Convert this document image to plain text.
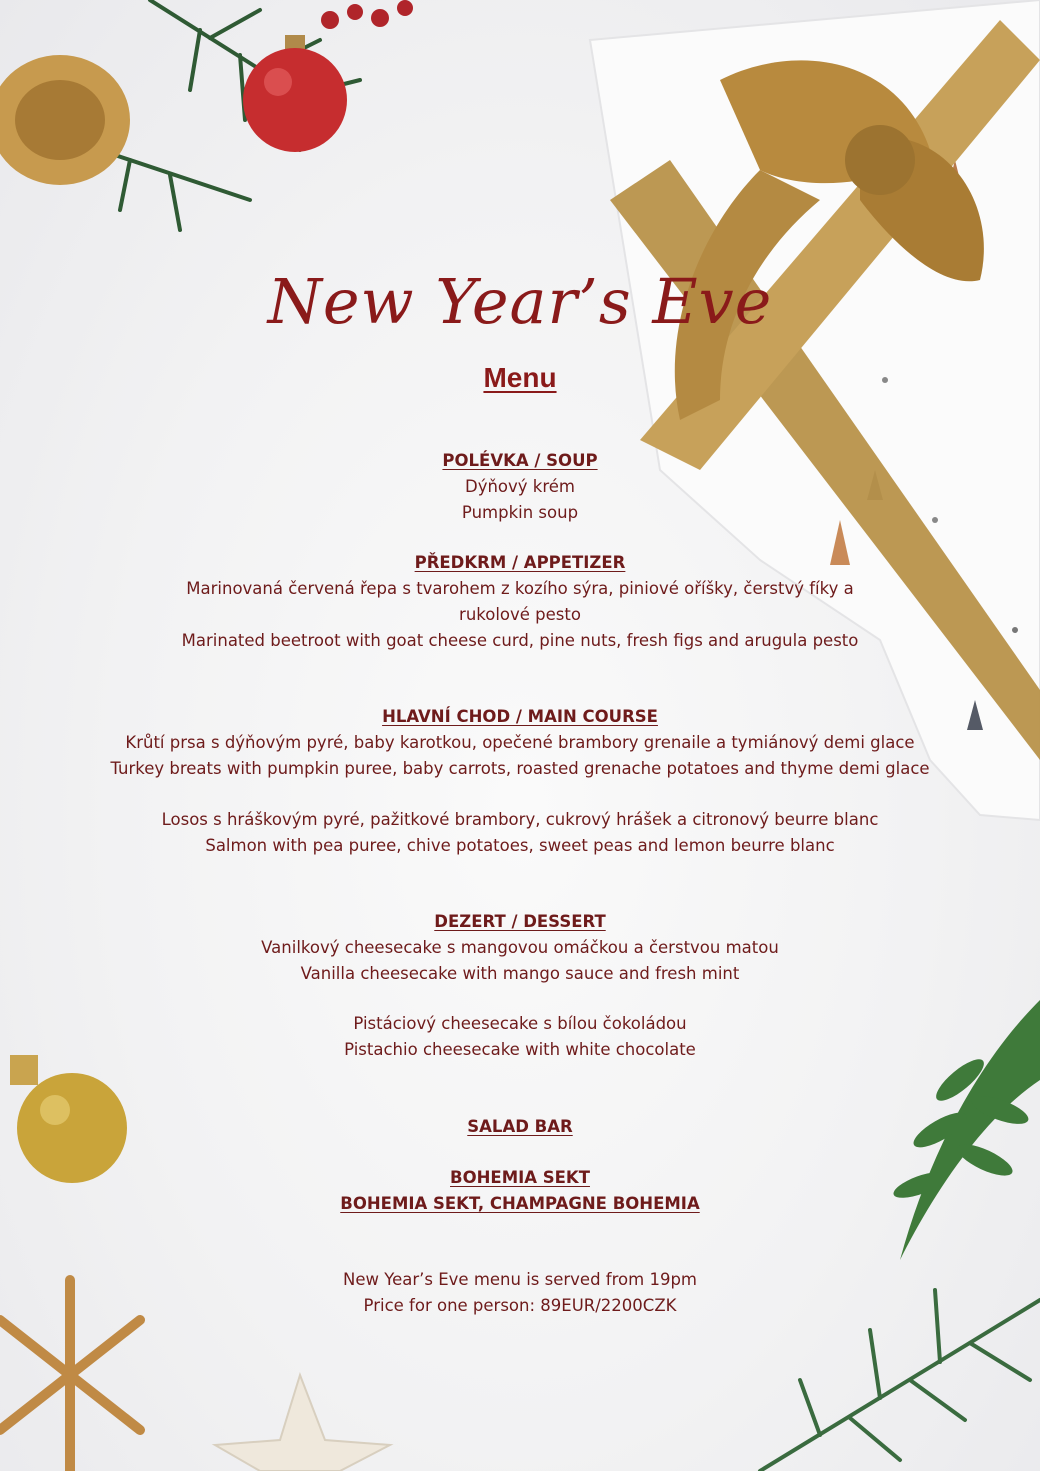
New Year’s Eve
Menu
POLÉVKA / SOUP
Dýňový krém
Pumpkin soup
PŘEDKRM / APPETIZER
Marinovaná červená řepa s tvarohem z kozího sýra, piniové oříšky, čerstvý fíky a
rukolové pesto
Marinated beetroot with goat cheese curd, pine nuts, fresh figs and arugula pesto
HLAVNÍ CHOD / MAIN COURSE
Krůtí prsa s dýňovým pyré, baby karotkou, opečené brambory grenaile a tymiánový demi glace
Turkey breats with pumpkin puree, baby carrots, roasted grenache potatoes and thyme demi glace
Losos s hráškovým pyré, pažitkové brambory, cukrový hrášek a citronový beurre blanc
Salmon with pea puree, chive potatoes, sweet peas and lemon beurre blanc
DEZERT / DESSERT
Vanilkový cheesecake s mangovou omáčkou a čerstvou matou
Vanilla cheesecake with mango sauce and fresh mint
Pistáciový cheesecake s bílou čokoládou
Pistachio cheesecake with white chocolate
SALAD BAR
BOHEMIA SEKT
BOHEMIA SEKT, CHAMPAGNE BOHEMIA
New Year’s Eve menu is served from 19pm
Price for one person: 89EUR/2200CZK
